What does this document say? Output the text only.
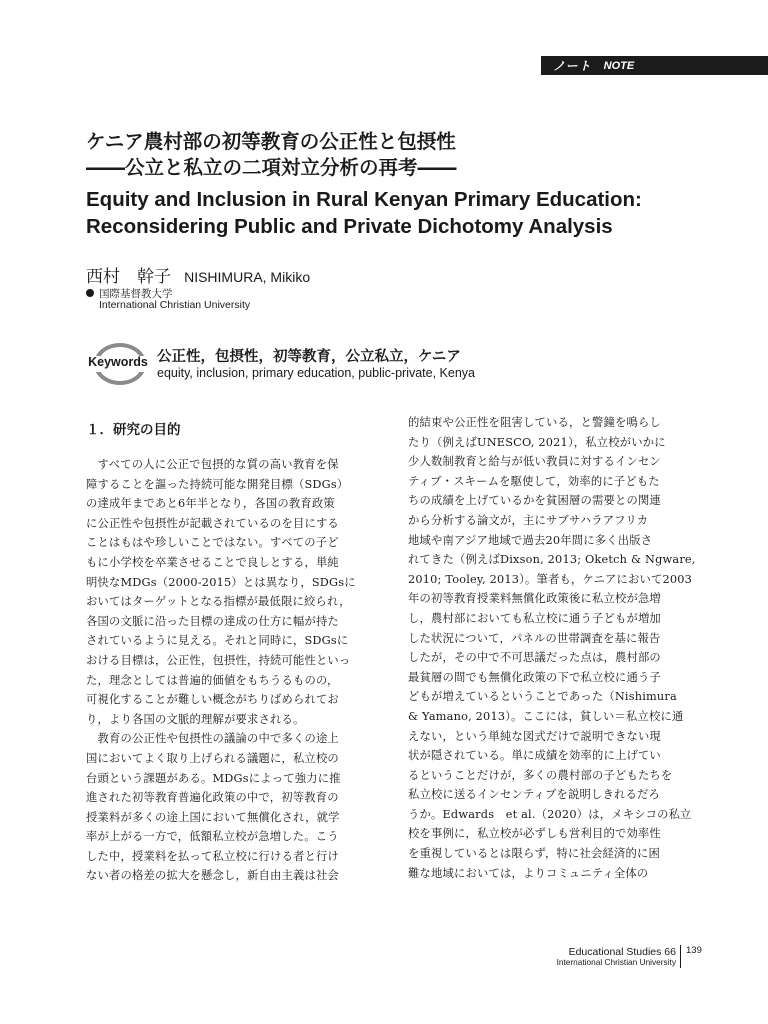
ノート NOTE
ケニア農村部の初等教育の公正性と包摂性
――公立と私立の二項対立分析の再考――
Equity and Inclusion in Rural Kenyan Primary Education:
Reconsidering Public and Private Dichotomy Analysis
西村　幹子 NISHIMURA, Mikiko
国際基督教大学
International Christian University
Keywords 公正性，包摂性，初等教育，公立私立，ケニア
equity, inclusion, primary education, public-private, Kenya
１．研究の目的
　すべての人に公正で包摂的な質の高い教育を保
障することを謳った持続可能な開発目標（SDGs）
の達成年まであと6年半となり，各国の教育政策
に公正性や包摂性が記載されているのを目にする
ことはもはや珍しいことではない。すべての子ど
もに小学校を卒業させることで良しとする，単純
明快なMDGs（2000-2015）とは異なり，SDGsに
おいてはターゲットとなる指標が最低限に絞られ，
各国の文脈に沿った目標の達成の仕方に幅が持た
されているように見える。それと同時に，SDGsに
おける目標は，公正性，包摂性，持続可能性といっ
た，理念としては普遍的価値をもちうるものの，
可視化することが難しい概念がちりばめられてお
り，より各国の文脈的理解が要求される。
　教育の公正性や包摂性の議論の中で多くの途上
国においてよく取り上げられる議題に，私立校の
台頭という課題がある。MDGsによって強力に推
進された初等教育普遍化政策の中で，初等教育の
授業料が多くの途上国において無償化され，就学
率が上がる一方で，低額私立校が急増した。こう
した中，授業料を払って私立校に行ける者と行け
ない者の格差の拡大を懸念し，新自由主義は社会
的結束や公正性を阻害している，と警鐘を鳴らし
たり（例えばUNESCO, 2021），私立校がいかに
少人数制教育と給与が低い教員に対するインセン
ティブ・スキームを駆使して，効率的に子どもた
ちの成績を上げているかを貧困層の需要との関連
から分析する論文が，主にサブサハラアフリカ
地域や南アジア地域で過去20年間に多く出版さ
れてきた（例えばDixson, 2013; Oketch & Ngware,
2010; Tooley, 2013）。筆者も，ケニアにおいて2003
年の初等教育授業料無償化政策後に私立校が急増
し，農村部においても私立校に通う子どもが増加
した状況について，パネルの世帯調査を基に報告
したが，その中で不可思議だった点は，農村部の
最貧層の間でも無償化政策の下で私立校に通う子
どもが増えているということであった（Nishimura
& Yamano, 2013）。ここには，貧しい＝私立校に通
えない，という単純な図式だけで説明できない現
状が隠されている。単に成績を効率的に上げてい
るということだけが，多くの農村部の子どもたちを
私立校に送るインセンティブを説明しきれるだろ
うか。Edwards　et al.（2020）は，メキシコの私立
校を事例に，私立校が必ずしも営利目的で効率性
を重視しているとは限らず，特に社会経済的に困
難な地域においては，よりコミュニティ全体の
Educational Studies 66
International Christian University
139
